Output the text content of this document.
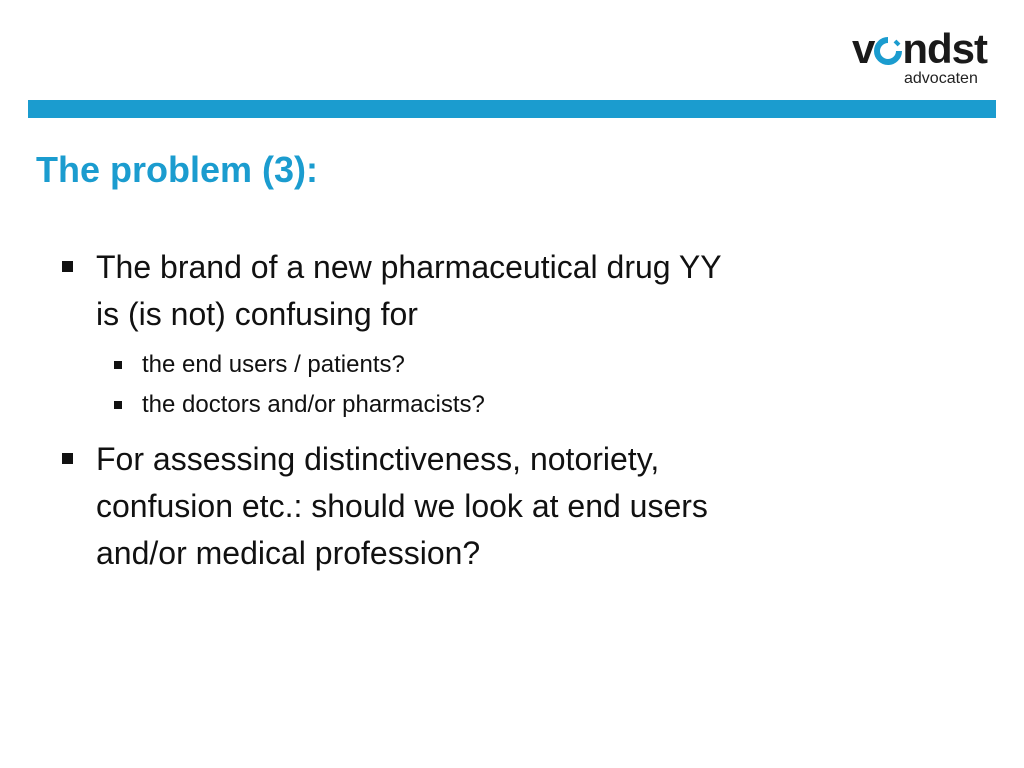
v ndst
advocaten
The problem (3):
The brand of a new pharmaceutical drug YY
is (is not) confusing for
the end users / patients?
the doctors and/or pharmacists?
For assessing distinctiveness, notoriety,
confusion etc.: should we look at end users
and/or medical profession?
